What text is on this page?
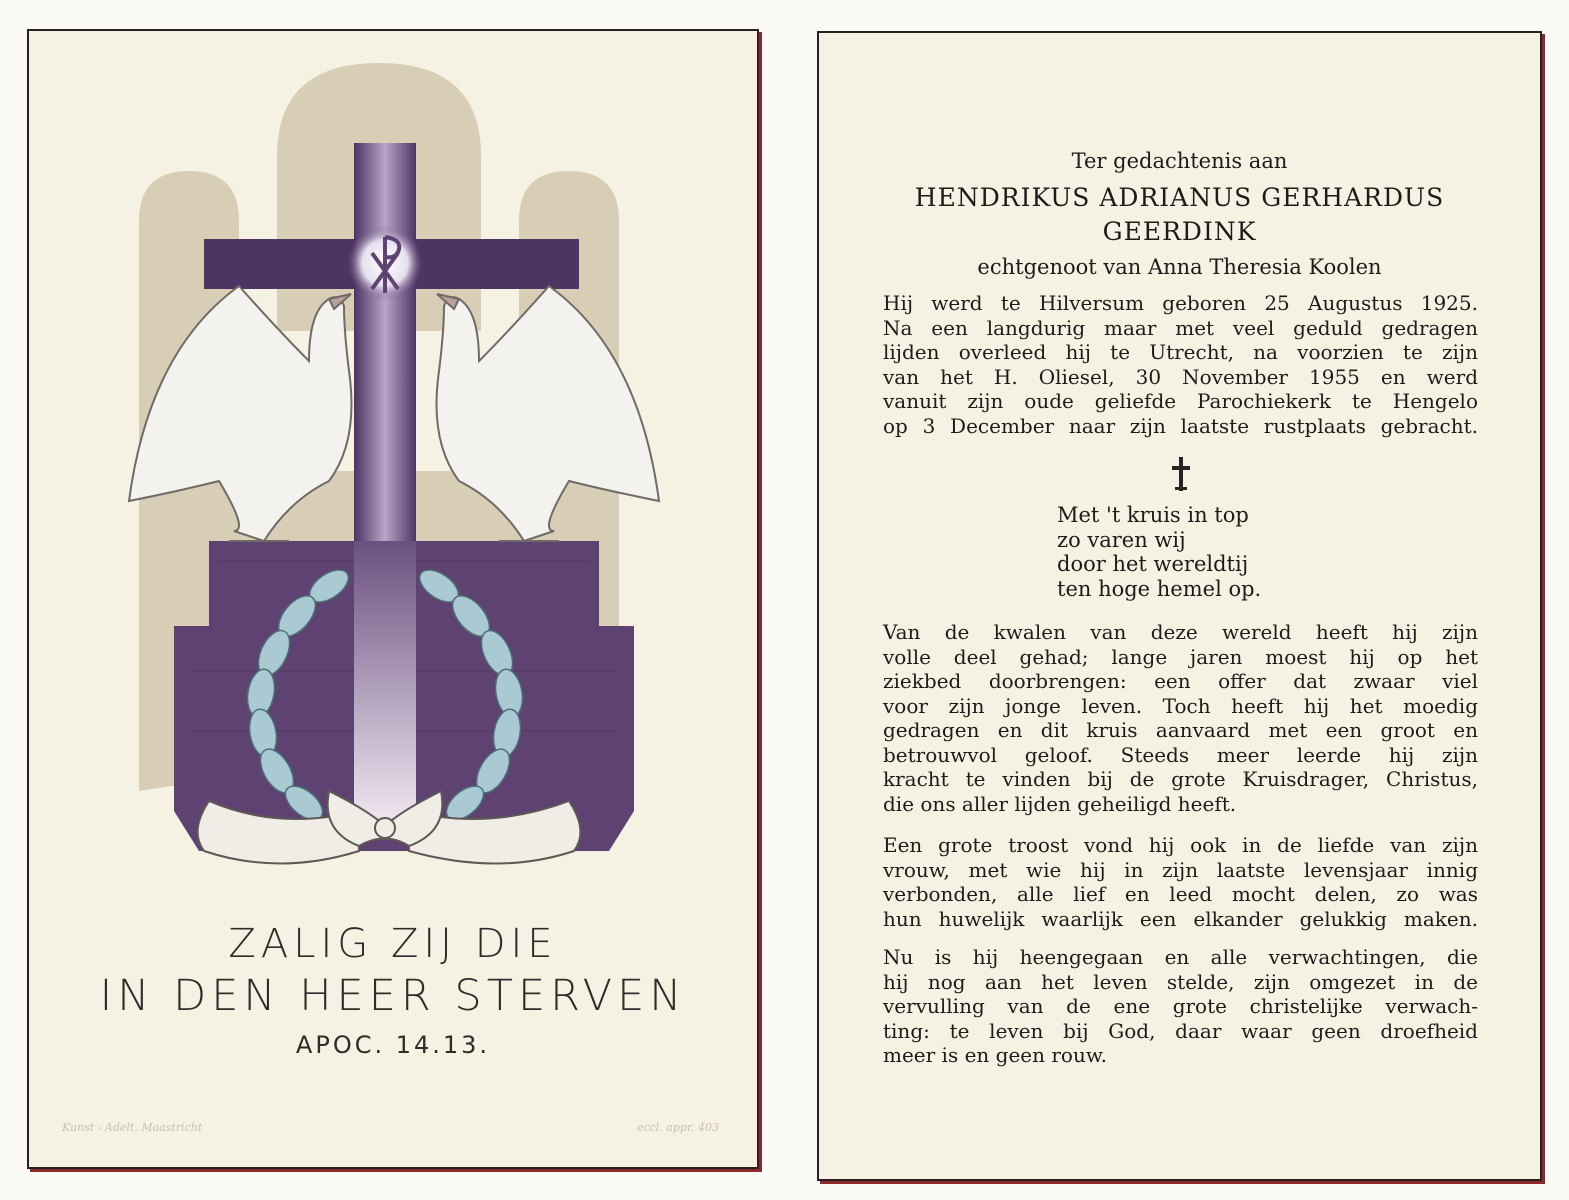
ZALIG ZIJ DIE
IN DEN HEER STERVEN
APOC. 14.13.
Kunst - Adelt. Maastricht	eccl. appr. 403
Ter gedachtenis aan
HENDRIKUS ADRIANUS GERHARDUS
GEERDINK
echtgenoot van Anna Theresia Koolen

Hij werd te Hilversum geboren 25 Augustus 1925.
Na een langdurig maar met veel geduld gedragen
lijden overleed hij te Utrecht, na voorzien te zijn
van het H. Oliesel, 30 November 1955 en werd
vanuit zijn oude geliefde Parochiekerk te Hengelo
op 3 December naar zijn laatste rustplaats gebracht.

Met 't kruis in top
zo varen wij
door het wereldtij
ten hoge hemel op.

Van de kwalen van deze wereld heeft hij zijn
volle deel gehad; lange jaren moest hij op het
ziekbed doorbrengen: een offer dat zwaar viel
voor zijn jonge leven. Toch heeft hij het moedig
gedragen en dit kruis aanvaard met een groot en
betrouwvol geloof. Steeds meer leerde hij zijn
kracht te vinden bij de grote Kruisdrager, Christus,
die ons aller lijden geheiligd heeft.

Een grote troost vond hij ook in de liefde van zijn
vrouw, met wie hij in zijn laatste levensjaar innig
verbonden, alle lief en leed mocht delen, zo was
hun huwelijk waarlijk een elkander gelukkig maken.

Nu is hij heengegaan en alle verwachtingen, die
hij nog aan het leven stelde, zijn omgezet in de
vervulling van de ene grote christelijke verwach-
ting: te leven bij God, daar waar geen droefheid
meer is en geen rouw.
